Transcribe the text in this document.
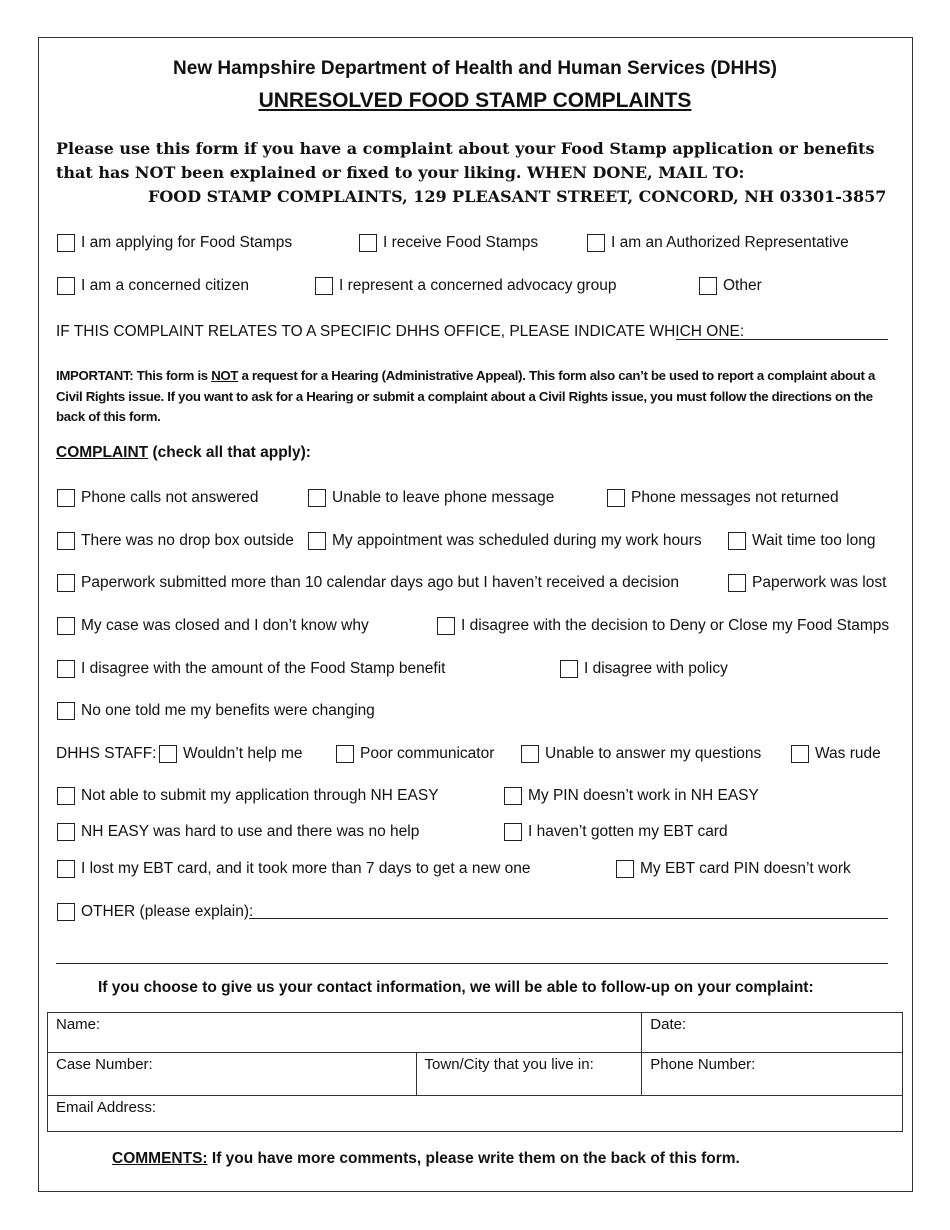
New Hampshire Department of Health and Human Services (DHHS)
UNRESOLVED FOOD STAMP COMPLAINTS
Please use this form if you have a complaint about your Food Stamp application or benefits
that has NOT been explained or fixed to your liking. WHEN DONE, MAIL TO:
FOOD STAMP COMPLAINTS, 129 PLEASANT STREET, CONCORD, NH 03301-3857
I am applying for Food Stamps	I receive Food Stamps	I am an Authorized Representative
I am a concerned citizen	I represent a concerned advocacy group	Other
IF THIS COMPLAINT RELATES TO A SPECIFIC DHHS OFFICE, PLEASE INDICATE WHICH ONE:
IMPORTANT: This form is NOT a request for a Hearing (Administrative Appeal). This form also can’t be used to report a complaint about a Civil Rights issue. If you want to ask for a Hearing or submit a complaint about a Civil Rights issue, you must follow the directions on the back of this form.
COMPLAINT (check all that apply):
Phone calls not answered	Unable to leave phone message	Phone messages not returned
There was no drop box outside My appointment was scheduled during my work hours	Wait time too long
Paperwork submitted more than 10 calendar days ago but I haven’t received a decision	Paperwork was lost
My case was closed and I don’t know why	I disagree with the decision to Deny or Close my Food Stamps
I disagree with the amount of the Food Stamp benefit	I disagree with policy
No one told me my benefits were changing
DHHS STAFF: Wouldn’t help me	Poor communicator	Unable to answer my questions	Was rude
Not able to submit my application through NH EASY	My PIN doesn’t work in NH EASY
NH EASY was hard to use and there was no help	I haven’t gotten my EBT card
I lost my EBT card, and it took more than 7 days to get a new one	My EBT card PIN doesn’t work
OTHER (please explain):
If you choose to give us your contact information, we will be able to follow-up on your complaint:
Name:		Date:
Case Number:	Town/City that you live in:	Phone Number:
Email Address:		
COMMENTS: If you have more comments, please write them on the back of this form.
